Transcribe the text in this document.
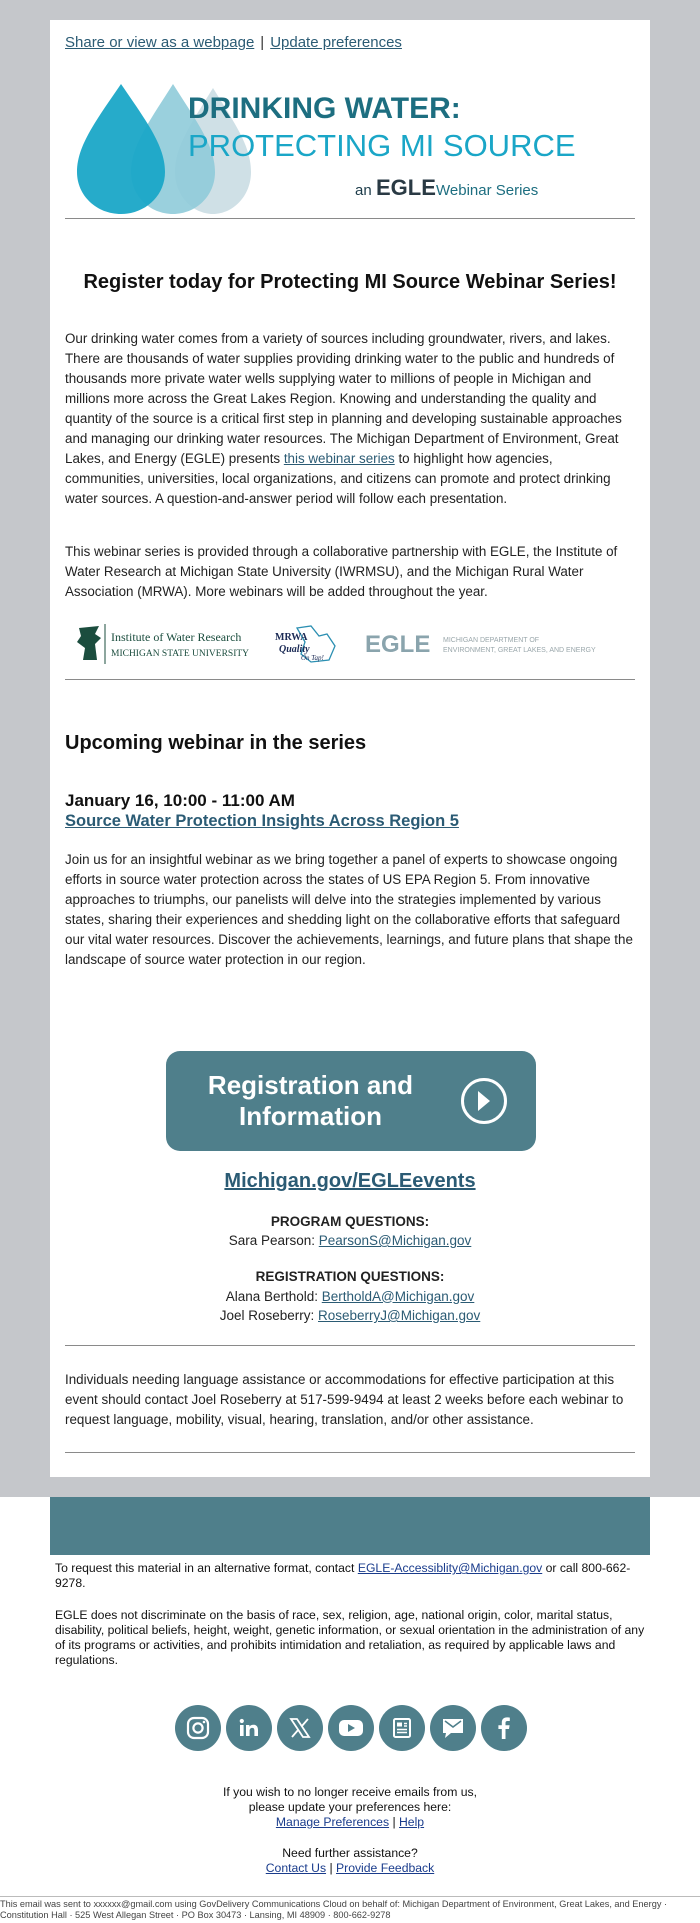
Share or view as a webpage | Update preferences
DRINKING WATER:
PROTECTING MI SOURCE
an EGLE Webinar Series
Register today for Protecting MI Source Webinar Series!
Our drinking water comes from a variety of sources including groundwater, rivers, and lakes. There are thousands of water supplies providing drinking water to the public and hundreds of thousands more private water wells supplying water to millions of people in Michigan and millions more across the Great Lakes Region. Knowing and understanding the quality and quantity of the source is a critical first step in planning and developing sustainable approaches and managing our drinking water resources. The Michigan Department of Environment, Great Lakes, and Energy (EGLE) presents this webinar series to highlight how agencies, communities, universities, local organizations, and citizens can promote and protect drinking water sources. A question-and-answer period will follow each presentation.
This webinar series is provided through a collaborative partnership with EGLE, the Institute of Water Research at Michigan State University (IWRMSU), and the Michigan Rural Water Association (MRWA). More webinars will be added throughout the year.
Institute of Water Research
MICHIGAN STATE UNIVERSITY
MRWA
Quality
On Tap! EGLE MICHIGAN DEPARTMENT OF
ENVIRONMENT, GREAT LAKES, AND ENERGY
Upcoming webinar in the series
January 16, 10:00 - 11:00 AM
Source Water Protection Insights Across Region 5
Join us for an insightful webinar as we bring together a panel of experts to showcase ongoing efforts in source water protection across the states of US EPA Region 5. From innovative approaches to triumphs, our panelists will delve into the strategies implemented by various states, sharing their experiences and shedding light on the collaborative efforts that safeguard our vital water resources. Discover the achievements, learnings, and future plans that shape the landscape of source water protection in our region.
Registration and
Information
Michigan.gov/EGLEevents
PROGRAM QUESTIONS:
Sara Pearson: PearsonS@Michigan.gov
REGISTRATION QUESTIONS:
Alana Berthold: BertholdA@Michigan.gov
Joel Roseberry: RoseberryJ@Michigan.gov
Individuals needing language assistance or accommodations for effective participation at this event should contact Joel Roseberry at 517-599-9494 at least 2 weeks before each webinar to request language, mobility, visual, hearing, translation, and/or other assistance.
To request this material in an alternative format, contact EGLE-Accessiblity@Michigan.gov or call 800-662-9278.
EGLE does not discriminate on the basis of race, sex, religion, age, national origin, color, marital status, disability, political beliefs, height, weight, genetic information, or sexual orientation in the administration of any of its programs or activities, and prohibits intimidation and retaliation, as required by applicable laws and regulations.
If you wish to no longer receive emails from us,
please update your preferences here:
Manage Preferences | Help
Need further assistance?
Contact Us | Provide Feedback
This email was sent to xxxxxx@gmail.com using GovDelivery Communications Cloud on behalf of: Michigan Department of Environment, Great Lakes, and Energy · Constitution Hall · 525 West Allegan Street · PO Box 30473 · Lansing, MI 48909 · 800-662-9278
